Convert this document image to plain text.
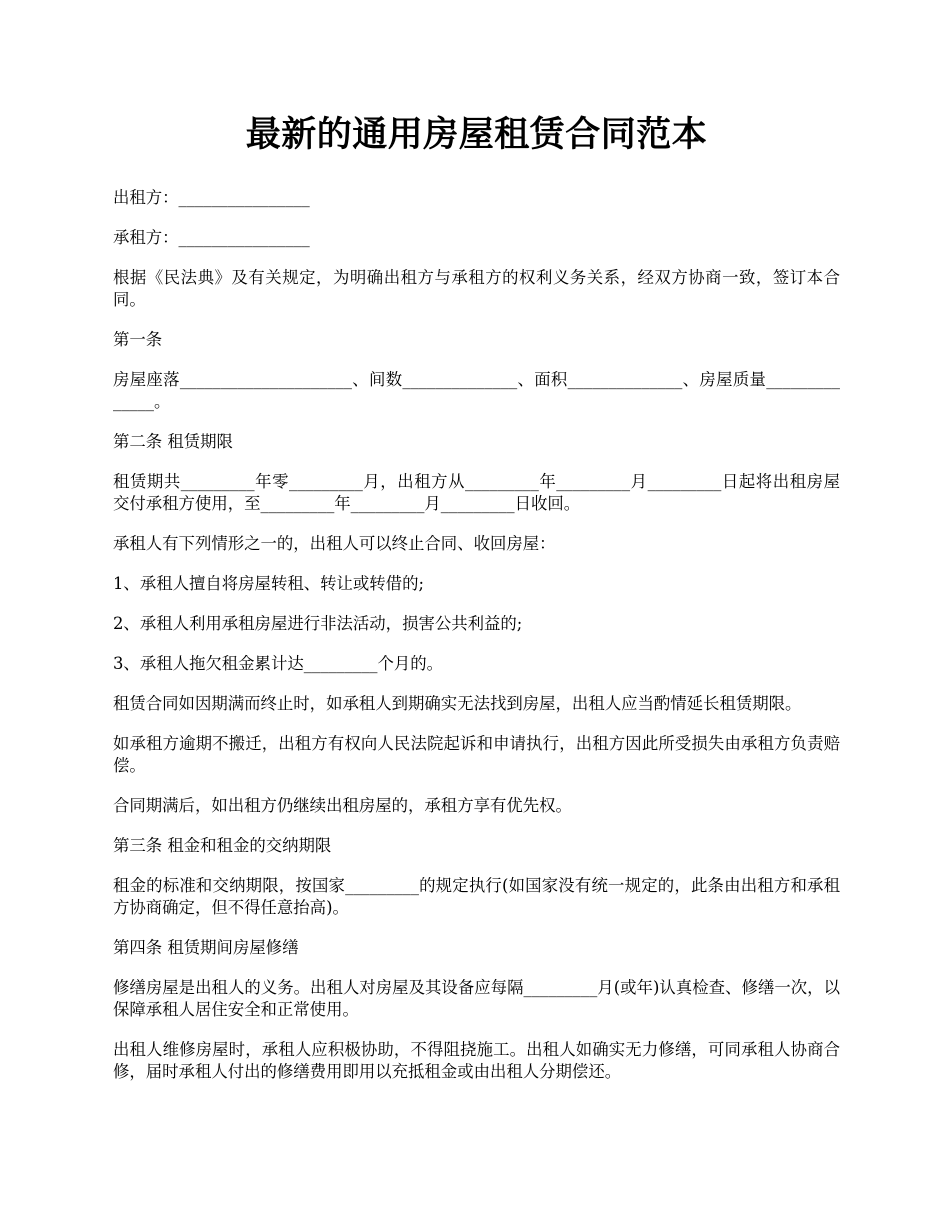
最新的通用房屋租赁合同范本

出租方：________________

承租方：________________

根据《民法典》及有关规定，为明确出租方与承租方的权利义务关系，经双方协商一致，签订本合同。

第一条

房屋座落_____________________、间数______________、面积______________、房屋质量______________。

第二条 租赁期限

租赁期共_________年零_________月，出租方从_________年_________月_________日起将出租房屋交付承租方使用，至_________年_________月_________日收回。

承租人有下列情形之一的，出租人可以终止合同、收回房屋：

1、承租人擅自将房屋转租、转让或转借的;

2、承租人利用承租房屋进行非法活动，损害公共利益的;

3、承租人拖欠租金累计达_________个月的。

租赁合同如因期满而终止时，如承租人到期确实无法找到房屋，出租人应当酌情延长租赁期限。

如承租方逾期不搬迁，出租方有权向人民法院起诉和申请执行，出租方因此所受损失由承租方负责赔偿。

合同期满后，如出租方仍继续出租房屋的，承租方享有优先权。

第三条 租金和租金的交纳期限

租金的标准和交纳期限，按国家_________的规定执行(如国家没有统一规定的，此条由出租方和承租方协商确定，但不得任意抬高)。

第四条 租赁期间房屋修缮

修缮房屋是出租人的义务。出租人对房屋及其设备应每隔_________月(或年)认真检查、修缮一次，以保障承租人居住安全和正常使用。

出租人维修房屋时，承租人应积极协助，不得阻挠施工。出租人如确实无力修缮，可同承租人协商合修，届时承租人付出的修缮费用即用以充抵租金或由出租人分期偿还。
